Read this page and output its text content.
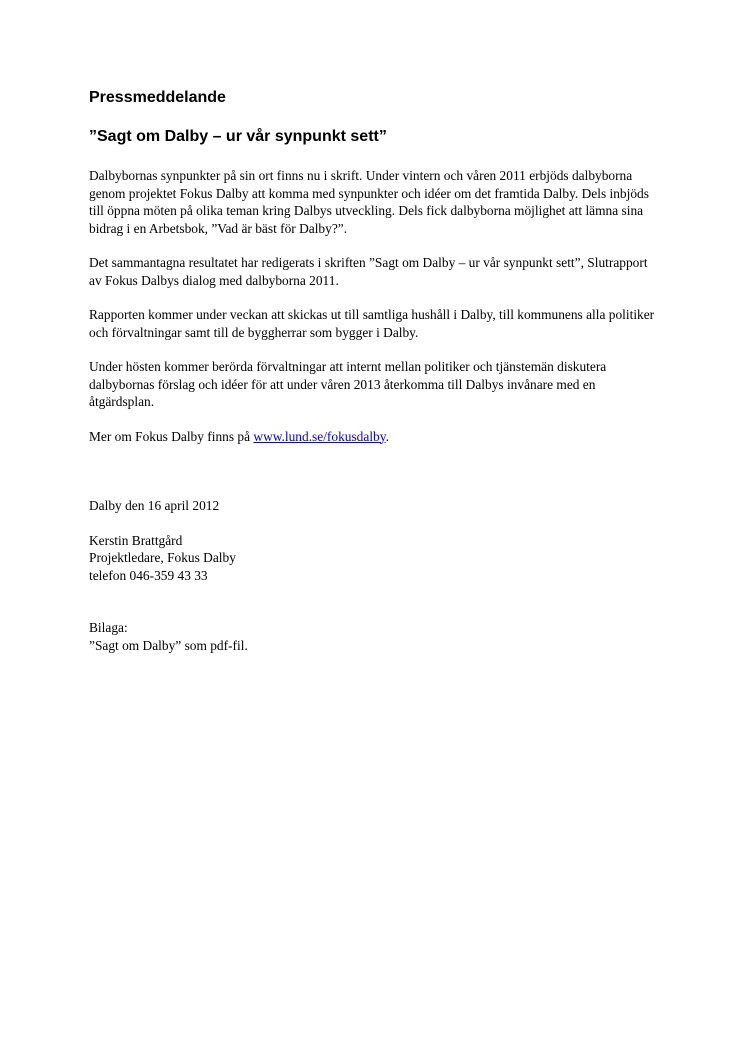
Pressmeddelande
”Sagt om Dalby – ur vår synpunkt sett”

Dalbybornas synpunkter på sin ort finns nu i skrift. Under vintern och våren 2011 erbjöds dalbyborna genom projektet Fokus Dalby att komma med synpunkter och idéer om det framtida Dalby. Dels inbjöds till öppna möten på olika teman kring Dalbys utveckling. Dels fick dalbyborna möjlighet att lämna sina bidrag i en Arbetsbok, ”Vad är bäst för Dalby?”.

Det sammantagna resultatet har redigerats i skriften ”Sagt om Dalby – ur vår synpunkt sett”, Slutrapport av Fokus Dalbys dialog med dalbyborna 2011.

Rapporten kommer under veckan att skickas ut till samtliga hushåll i Dalby, till kommunens alla politiker och förvaltningar samt till de byggherrar som bygger i Dalby.

Under hösten kommer berörda förvaltningar att internt mellan politiker och tjänstemän diskutera dalbybornas förslag och idéer för att under våren 2013 återkomma till Dalbys invånare med en åtgärdsplan.

Mer om Fokus Dalby finns på www.lund.se/fokusdalby.

Dalby den 16 april 2012

Kerstin Brattgård
Projektledare, Fokus Dalby
telefon 046-359 43 33

Bilaga:
”Sagt om Dalby” som pdf-fil.
